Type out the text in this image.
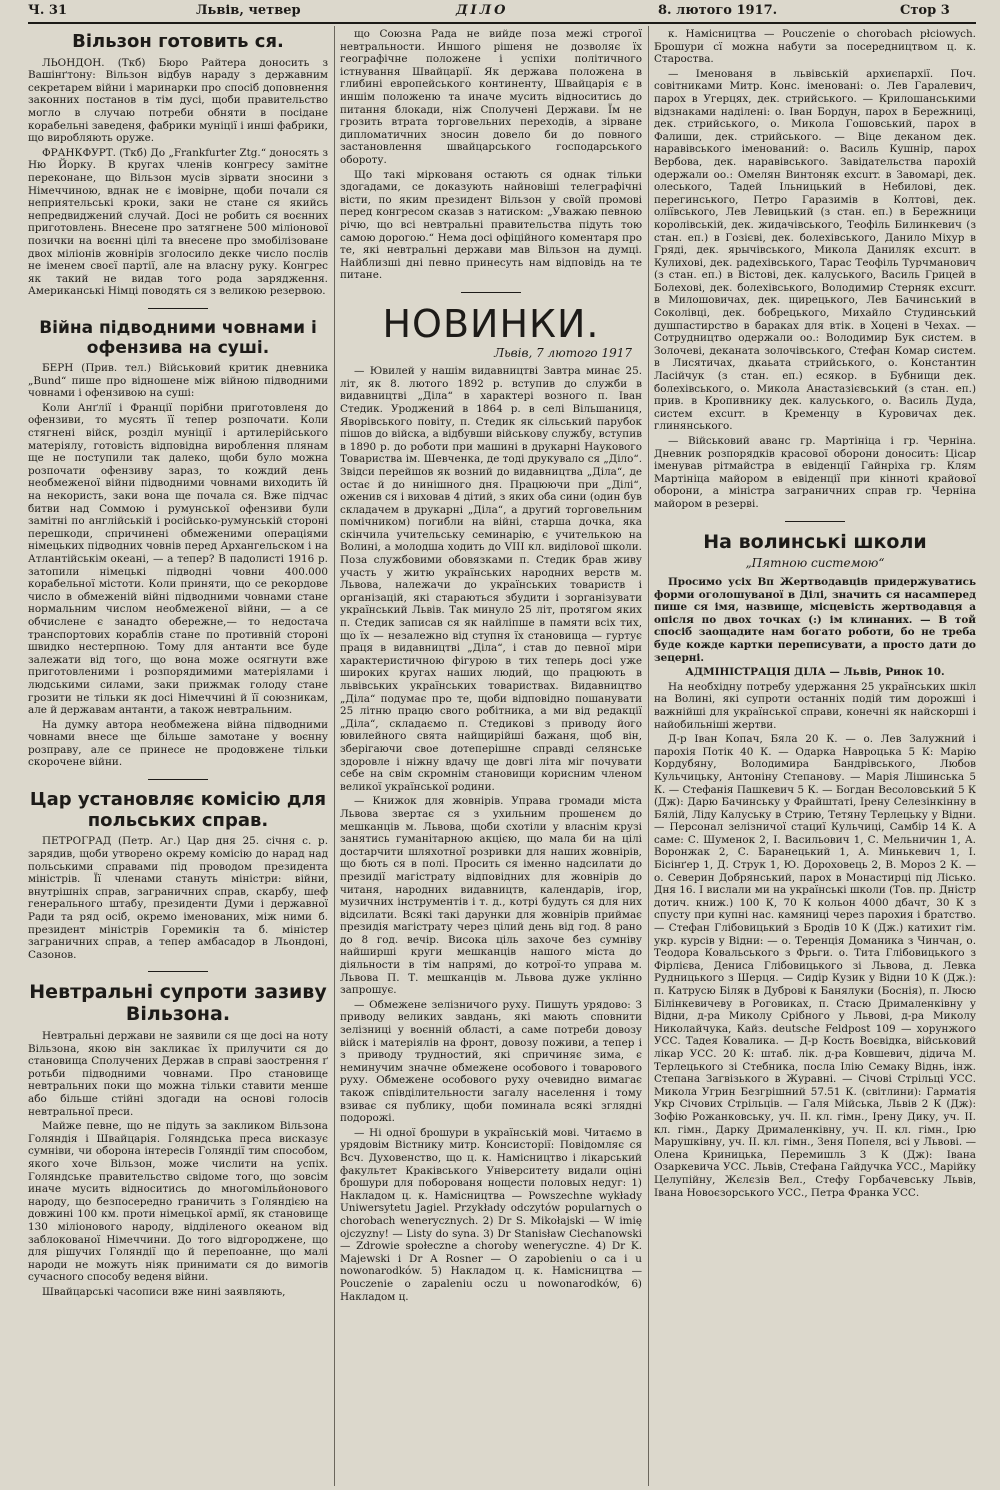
Ч. 31	Львів, четвер	ДІЛО	8. лютого 1917.	Стор 3
Вільзон готовить ся.

ЛЬОНДОН. (Ткб) Бюро Райтера доносить з Вашінґтону: Вільзон відбув нараду з державним секретарем війни і маринарки про спосіб доповнення законних постанов в тім дусі, щоби правительство могло в случаю потреби обняти в посідане корабельні заведеня, фабрики муніції і инші фабрики, що виробляють оруже.

ФРАНКФУРТ. (Ткб) До „Frankfurter Ztg.“ доносять з Ню Йорку. В кругах членів конгресу замітне переконане, що Вільзон мусів зірвати зносини з Німеччиною, вднак не є імовірне, щоби почали ся неприятельські кроки, заки не стане ся якийсь непредвиджений случай. Досі не робить ся воєнних приготовлень. Внесене про затягнене 500 міліонової позички на воєнні цілі та внесене про змобілізоване двох міліонів жовнірів зголосило декке число послів не іменем своєї партії, але на власну руку. Конгрес як такий не видав того рода зарядження. Американські Німці поводять ся з великою резервою.

Війна підводними човнами і офензива на суші.

БЕРН (Прив. тел.) Військовий критик дневника „Bund“ пише про відношене між війною підводними човнами і офензивою на суші:

Коли Анґлії і Франції порібни приготовленя до офензиви, то мусять її тепер розпочати. Коли стягнені війск, розділ муніції і артилерійського матеріялу, готовість відповідна вироблення плянам ще не поступили так далеко, щоби було можна розпочати офензиву зараз, то кождий день необмеженої війни підводними човнами виходить їй на некористь, заки вона ще почала ся. Вже підчас битви над Соммою і румунської офензиви були замітні по англійській і російсько-румунській стороні перешкоди, спричинені обмеженими операціями німецьких підводних човнів перед Архангельском і на Атлантійськім океані, — а тепер? В падолисті 1916 р. затопили німецькі підводні човни 400.000 корабельної містоти. Коли приняти, що се рекордове число в обмеженій війні підводними човнами стане нормальним числом необмеженої війни, — а се обчислене є занадто обережне,— то недостача транспортових кораблів стане по противній стороні швидко нестерпною. Тому для антанти все буде залежати від того, що вона може осягнути вже приготовленими і розпорядимими матеріялами і людськими силами, заки прижмак голоду стане грозити не тільки як досі Німеччині й її союзникам, але й державам антанти, а також невтральним.

На думку автора необмежена війна підводними човнами внесе ще більше замотане у воєнну розправу, але се принесе не продовжене тільки скорочене війни.

Цар установляє комісію для польських справ.

ПЕТРОГРАД (Петр. Аг.) Цар дня 25. січня с. р. зарядив, щоби утворено окрему комісію до нарад над польськими справами під проводом президента міністрів. Її членами стануть міністри: війни, внутрішніх справ, заграничних справ, скарбу, шеф генерального штабу, президенти Думи і державної Ради та ряд осіб, окремо іменованих, між ними б. президент міністрів Горемикін та б. міністер заграничних справ, а тепер амбасадор в Льондоні, Сазонов.

Невтральні супроти зазиву Вільзона.

Невтральні держави не заявили ся ще досі на ноту Вільзона, якою він закликає їх прилучити ся до становища Сполучених Держав в справі заострення ґ ротьби підводними човнами. Про становище невтральних поки що можна тільки ставити менше або більше стійні здогади на основі голосів невтральної преси.

Майже певне, що не підуть за закликом Вільзона Голяндія і Швайцарія. Голяндська преса висказує сумніви, чи оборона інтересів Голяндії тим способом, якого хоче Вільзон, може числити на успіх. Голяндське правительство свідоме того, що зовсім иначе мусить відноситись до многомільйонового народу, що безпосередно граничить з Голяндією на довжині 100 км. проти німецької армії, як становище 130 міліонового народу, відділеного океаном від заблокованої Німеччини. До того відгороджене, що для рішучих Голяндії що й перепоанне, що малі народи не можуть ніяк принимати ся до вимогів сучасного способу веденя війни.

Швайцарські часописи вже нині заявляють,

що Союзна Рада не вийде поза межі строгої невтральности. Иншого рішеня не дозволяє їх географічне положене і успіхи політичного істнування Швайцарії. Як держава положена в глибині европейського континенту, Швайцарія є в иншім положеню та иначе мусить відноситись до питання блокади, ніж Сполучені Держави. Їм не грозить втрата торговельних переходів, а зірване дипломатичних зносин довело би до повного застановлення швайцарського господарського обороту.

Що такі міркованя остають ся однак тільки здогадами, се доказують найновіші телеграфічні вісти, по яким президент Вільзон у своїй промові перед конгресом сказав з натиском: „Уважаю певною річю, що всі невтральні правительства підуть тою самою дорогою.“ Нема досі офіційного коментаря про те, які невтральні держави мав Вільзон на думці. Найблизші дні певно принесуть нам відповідь на те питане.

НОВИНКИ.
Львів, 7 лютого 1917

— Ювилей у нашім видавництві Завтра минає 25. літ, як 8. лютого 1892 р. вступив до служби в видавництві „Діла“ в характері возного п. Іван Стедик. Уроджений в 1864 р. в селі Вільшаниця, Яворівського повіту, п. Стедик як сільський парубок пішов до війска, а відбувши військову службу, вступив в 1890 р. до роботи при машині в друкарні Наукового Товариства ім. Шевченка, де тоді друкувало ся „Діло“. Звідси перейшов як возний до видавництва „Діла“, де остає й до нинішного дня. Працюючи при „Ділі“, оженив ся і виховав 4 дітий, з яких оба сини (один був складачем в друкарні „Діла“, а другий торговельним помічником) погибли на війні, старша дочка, яка скінчила учительську семинарію, є учителькою на Волині, а молодша ходить до VIII кл. виділової школи. Поза службовими обовязками п. Стедик брав живу участь у житю українських народних верств м. Львова, належачи до українських товариств і організацій, які стараються збудити і зорганізувати український Львів. Так минуло 25 літ, протягом яких п. Стедик записав ся як найліпше в памяти всіх тих, що їх — незалежно від ступня їх становища — гуртує праця в видавництві „Діла“, і став до певної міри характеристичною фігурою в тих теперь досі уже широких кругах наших людий, що працюють в львівських українських товариствах. Видавництво „Діла“ подумає про те, щоби відповідно пошанувати 25 літню працю свого робітника, а ми від редакції „Діла“, складаємо п. Стедикові з приводу його ювилейного свята найщирійші бажаня, щоб він, зберігаючи свое дотеперішне справді селянське здоровле і ніжну вдачу ще довгі літа міг почувати себе на свім скромнім становищи корисним членом великої української родини.

— Книжок для жовнірів. Управа громади міста Львова звертає ся з ухильним прошенєм до мешканців м. Львова, щоби схотіли у власнім крузі занятись гуманітарною акцією, що мала би на цілі достарчити шляхотної розривки для наших жовнірів, що бють ся в полі. Просить ся іменно надсилати до президії магістрату відповідних для жовнірів до читаня, народних видавництв, календарів, ігор, музичних інструментів і т. д., котрі будуть ся для них відсилати. Всякі такі дарунки для жовнірів приймає президія магістрату через цілий день від год. 8 рано до 8 год. вечір. Висока ціль захоче без сумніву найширші круги мешканців нашого міста до діяльности в тім напрямі, до котрої-то управа м. Львова П. Т. мешканців м. Львова дуже уклінно запрошує.

— Обмежене зелізничого руху. Пишуть урядово: З приводу великих завдань, які мають сповнити зелізниці у воєнній області, а саме потреби довозу війск і матеріялів на фронт, довозу поживи, а тепер і з приводу трудностий, які спричиняє зима, є неминучим значне обмежене особового і товарового руху. Обмежене особового руху очевидно вимагає також співділительности загалу населення і тому взиває ся публику, щоби поминала всякі зглядні подорожі.

— Ні одної брошури в українській мові. Читаємо в урядовім Вістнику митр. Консисторії: Повідомляє ся Всч. Духовенство, що ц. к. Намісництво і лікарський факультет Краківського Університету видали оціні брошури для поборованя нощести половых недуг: 1) Накладом ц. к. Намісництва — Powszechne wykłady Uniwersytetu Jagiel. Przykłady odczytów popularnych o chorobach wenerycznych. 2) Dr S. Mikołajski — W imię ojczyzny! — Listy do syna. 3) Dr Stanisław Ciechanowski — Zdrowie społeczne a choroby weneryczne. 4) Dr K. Majewski i Dr A Rosner — O zapobieniu o ca i u nowonarodków. 5) Накладом ц. к. Намісництва — Pouczenie o zapaleniu oczu u nowonarodków, 6) Накладом ц.

к. Намісництва — Pouczenie o chorobach płciowych. Брошури сї можна набути за посередництвом ц. к. Староства.

— Іменованя в львівській архиєпархії. Поч. совітниками Митр. Конс. іменовані: о. Лев Гаралевич, парох в Угерцях, дек. стрийського. — Крилошанськими відзнаками наділені: о. Іван Бордун, парох в Бережниці, дек. стрийського, о. Микола Гошовський, парох в Фалиши, дек. стрийського. — Віце деканом дек. наравівського іменований: о. Василь Кушнір, парох Вербова, дек. наравівського. Завідательства парохій одержали оо.: Омелян Винтоняк excurr. в Завомарі, дек. олеського, Тадей Ільницький в Небилові, дек. перегинського, Петро Гаразимів в Колтові, дек. оліївського, Лев Левицький (з стан. еп.) в Бережници королівській, дек. жидачівського, Теофіль Билинкевич (з стан. еп.) в Гозієві, дек. болехівського, Данило Міхур в Гряді, дек. ярычівського, Микола Даниляк excurr. в Кулихові, дек. радехівського, Тарас Теофіль Турчманович (з стан. еп.) в Вістові, дек. калуського, Василь Грицей в Болехові, дек. болехівського, Володимир Стерняк excurr. в Милошовичах, дек. щирецького, Лев Бачинський в Соколівці, дек. бобрецького, Михайло Студинський душпастирство в бараках для втік. в Хоцені в Чехах. — Сотрудництво одержали оо.: Володимир Бук систем. в Золочеві, деканата золочівського, Стефан Комар систем. в Лисятичах, дкаьата стрийського, о. Константин Ласійчук (з стан. еп.) есякор. в Бубнищи дек. болехівського, о. Микола Анастазієвський (з стан. еп.) прив. в Кропивнику дек. калуського, о. Василь Дуда, систем excurr. в Кременцу в Куровичах дек. глинянського.

— Військовий аванс гр. Мартініца і гр. Черніна. Дневник розпорядків красової оборони доносить: Цісар іменував рітмайстра в евіденції Гайнріха гр. Клям Мартініца майором в евіденції при кінноті крайової оборони, а міністра заграничних справ гр. Черніна майором в резерві.

На волинські школи
„Пятною системою“

Просимо усіх Вп Жертводавців придержуватись форми оголошуваної в Ділі, значить ся насамперед пише ся імя, назвище, місцевість жертводавця а опісля по двох точках (:) ім клинаних. — В той спосіб заощадите нам богато роботи, бо не треба буде кожде картки переписувати, а просто дати до зецерні.

АДМІНІСТРАЦІЯ ДІЛА — Львів, Ринок 10.

На необхідну потребу удержання 25 українських шкіл на Волині, які супроти останніх подій тим дорожші і важнійші для української справи, конечні як найскорші і найобильніші жертви.

Д-р Іван Копач, Бяла 20 К. — о. Лев Залужний і парохія Потік 40 К. — Одарка Навроцька 5 К: Марію Кордубяну, Володимира Бандрівського, Любов Кульчицьку, Антоніну Степанову. — Марія Лішинська 5 К. — Стефанія Пашкевич 5 К. — Богдан Весоловський 5 К (Дж): Дарю Бачинську у Фрайштаті, Ірену Селезінкінну в Бялій, Ліду Калуську в Стрию, Тетяну Терлецьку у Відни. — Персонал зелізничої стациї Кульчиці, Самбір 14 К. А саме: С. Шуменок 2, І. Васильович 1, С. Мельничин 1, А. Воронжак 2, С. Баранецький 1, А. Минькевич 1, І. Бісінґер 1, Д. Струк 1, Ю. Дороховець 2, В. Мороз 2 К. — о. Северин Добрянський, парох в Монастирці під Лісько. Дня 16. І вислали ми на українські школи (Тов. пр. Дністр дотич. книж.) 100 К, 70 К кольон 4000 дбачт, 30 К з спусту при купні нас. камяниці через парохия і братство. — Стефан Глібовицький з Бродів 10 К (Дж.) катихит гім. укр. курсів у Відни: — о. Теренція Доманика з Чинчан, о. Теодора Ковальського з Фрьги. о. Тита Глібовицького з Фірлієва, Дениса Глібовицького зі Львова, д. Левка Рудницького з Шерця. — Сидір Кузик у Відни 10 К (Дж.): п. Катрусю Біляк в Дуброві к Банялуки (Боснія), п. Люсю Білінкевичеву в Роговиках, п. Стасю Дрималенківну у Відни, д-ра Миколу Срібного у Львові, д-ра Миколу Николайчука, Кайз. deutsche Feldpost 109 — хорунжого УСС. Тадея Ковалика. — Д-р Кость Воєвідка, військовий лікар УСС. 20 К: штаб. лік. д-ра Ковшевич, дідича М. Терлецького зі Стебника, посла Ілію Семаку Віднь, інж. Степана Загвізького в Журавні. — Січові Стрільці УСС. Микола Угрин Безгрішний 57.51 К. (світлини): Гарматія Укр Січових Стрільців. — Галя Мійська, Львів 2 К (Дж): Зофію Рожанковську, уч. II. кл. гімн., Ірену Дику, уч. II. кл. гімн., Дарку Дрималенківну, уч. II. кл. гімн., Ірю Марушківну, уч. II. кл. гімн., Зеня Попеля, всі у Львові. — Олена Криницька, Перемишль 3 К (Дж): Івана Озаркевича УСС. Львів, Стефана Гайдучка УСС., Марійку Целупійну, Жєлєзів Вел., Стефу Горбачевську Львів, Івана Новоєзорського УСС., Петра Франка УСС.
